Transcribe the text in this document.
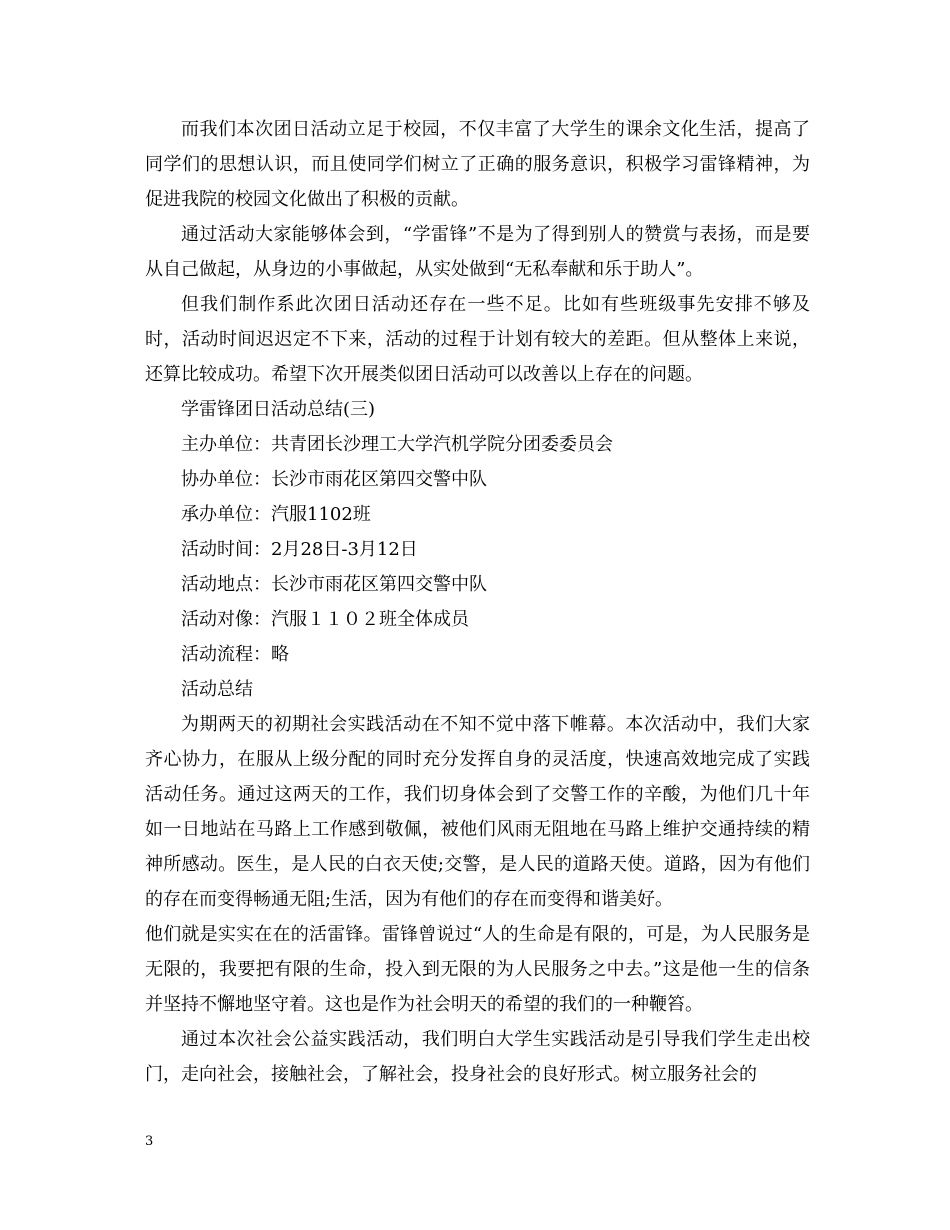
而我们本次团日活动立足于校园，不仅丰富了大学生的课余文化生活，提高了同学们的思想认识，而且使同学们树立了正确的服务意识，积极学习雷锋精神，为促进我院的校园文化做出了积极的贡献。

通过活动大家能够体会到，“学雷锋”不是为了得到别人的赞赏与表扬，而是要从自己做起，从身边的小事做起，从实处做到“无私奉献和乐于助人”。

但我们制作系此次团日活动还存在一些不足。比如有些班级事先安排不够及时，活动时间迟迟定不下来，活动的过程于计划有较大的差距。但从整体上来说，还算比较成功。希望下次开展类似团日活动可以改善以上存在的问题。

学雷锋团日活动总结(三)

主办单位：共青团长沙理工大学汽机学院分团委委员会

协办单位：长沙市雨花区第四交警中队

承办单位：汽服1102班

活动时间：2月28日-3月12日

活动地点：长沙市雨花区第四交警中队

活动对像：汽服１１０２班全体成员

活动流程：略

活动总结

为期两天的初期社会实践活动在不知不觉中落下帷幕。本次活动中，我们大家齐心协力，在服从上级分配的同时充分发挥自身的灵活度，快速高效地完成了实践活动任务。通过这两天的工作，我们切身体会到了交警工作的辛酸，为他们几十年如一日地站在马路上工作感到敬佩，被他们风雨无阻地在马路上维护交通持续的精神所感动。医生，是人民的白衣天使;交警，是人民的道路天使。道路，因为有他们的存在而变得畅通无阻;生活，因为有他们的存在而变得和谐美好。

他们就是实实在在的活雷锋。雷锋曾说过“人的生命是有限的，可是，为人民服务是无限的，我要把有限的生命，投入到无限的为人民服务之中去。”这是他一生的信条并坚持不懈地坚守着。这也是作为社会明天的希望的我们的一种鞭笞。

通过本次社会公益实践活动，我们明白大学生实践活动是引导我们学生走出校门，走向社会，接触社会，了解社会，投身社会的良好形式。树立服务社会的

3
